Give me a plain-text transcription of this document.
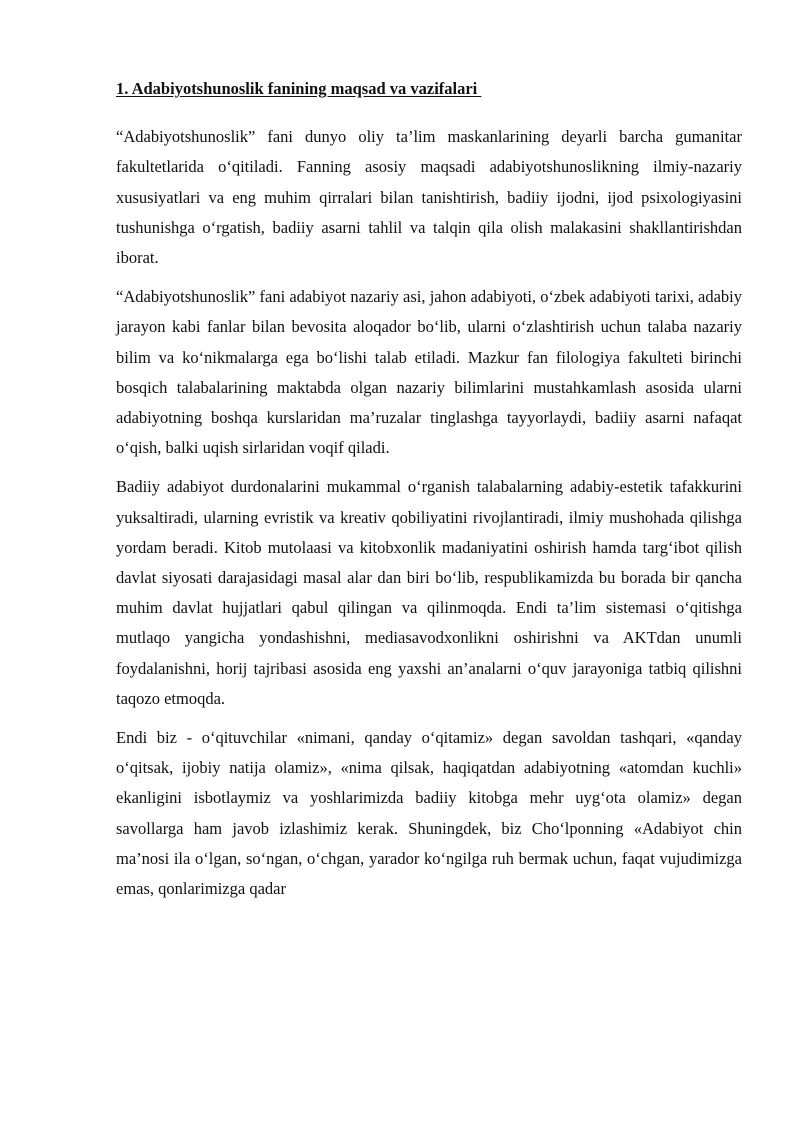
1. Adabiyotshunoslik fanining maqsad va vazifalari

“Adabiyotshunoslik” fani dunyo oliy ta’lim maskanlarining deyarli barcha gumanitar fakultetlarida o‘qitiladi. Fanning asosiy maqsadi adabiyotshunoslikning ilmiy-nazariy xususiyatlari va eng muhim qirralari bilan tanishtirish, badiiy ijodni, ijod psixologiyasini tushunishga o‘rgatish, badiiy asarni tahlil va talqin qila olish malakasini shakllantirishdan iborat.

“Adabiyotshunoslik” fani adabiyot nazariy asi, jahon adabiyoti, o‘zbek adabiyoti tarixi, adabiy jarayon kabi fanlar bilan bevosita aloqador bo‘lib, ularni o‘zlashtirish uchun talaba nazariy bilim va ko‘nikmalarga ega bo‘lishi talab etiladi. Mazkur fan filologiya fakulteti birinchi bosqich talabalarining maktabda olgan nazariy bilimlarini mustahkamlash asosida ularni adabiyotning boshqa kurslaridan ma’ruzalar tinglashga tayyorlaydi, badiiy asarni nafaqat o‘qish, balki uqish sirlaridan voqif qiladi.

Badiiy adabiyot durdonalarini mukammal o‘rganish talabalarning adabiy-estetik tafakkurini yuksaltiradi, ularning evristik va kreativ qobiliyatini rivojlantiradi, ilmiy mushohada qilishga yordam beradi. Kitob mutolaasi va kitobxonlik madaniyatini oshirish hamda targ‘ibot qilish davlat siyosati darajasidagi masal alar dan biri bo‘lib, respublikamizda bu borada bir qancha muhim davlat hujjatlari qabul qilingan va qilinmoqda. Endi ta’lim sistemasi o‘qitishga mutlaqo yangicha yondashishni, mediasavodxonlikni oshirishni va AKTdan unumli foydalanishni, horij tajribasi asosida eng yaxshi an’analarni o‘quv jarayoniga tatbiq qilishni taqozo etmoqda.

Endi biz - o‘qituvchilar «nimani, qanday o‘qitamiz» degan savoldan tashqari, «qanday o‘qitsak, ijobiy natija olamiz», «nima qilsak, haqiqatdan adabiyotning «atomdan kuchli» ekanligini isbotlaymiz va yoshlarimizda badiiy kitobga mehr uyg‘ota olamiz» degan savollarga ham javob izlashimiz kerak. Shuningdek, biz Cho‘lponning «Adabiyot chin ma’nosi ila o‘lgan, so‘ngan, o‘chgan, yarador ko‘ngilga ruh bermak uchun, faqat vujudimizga emas, qonlarimizga qadar
